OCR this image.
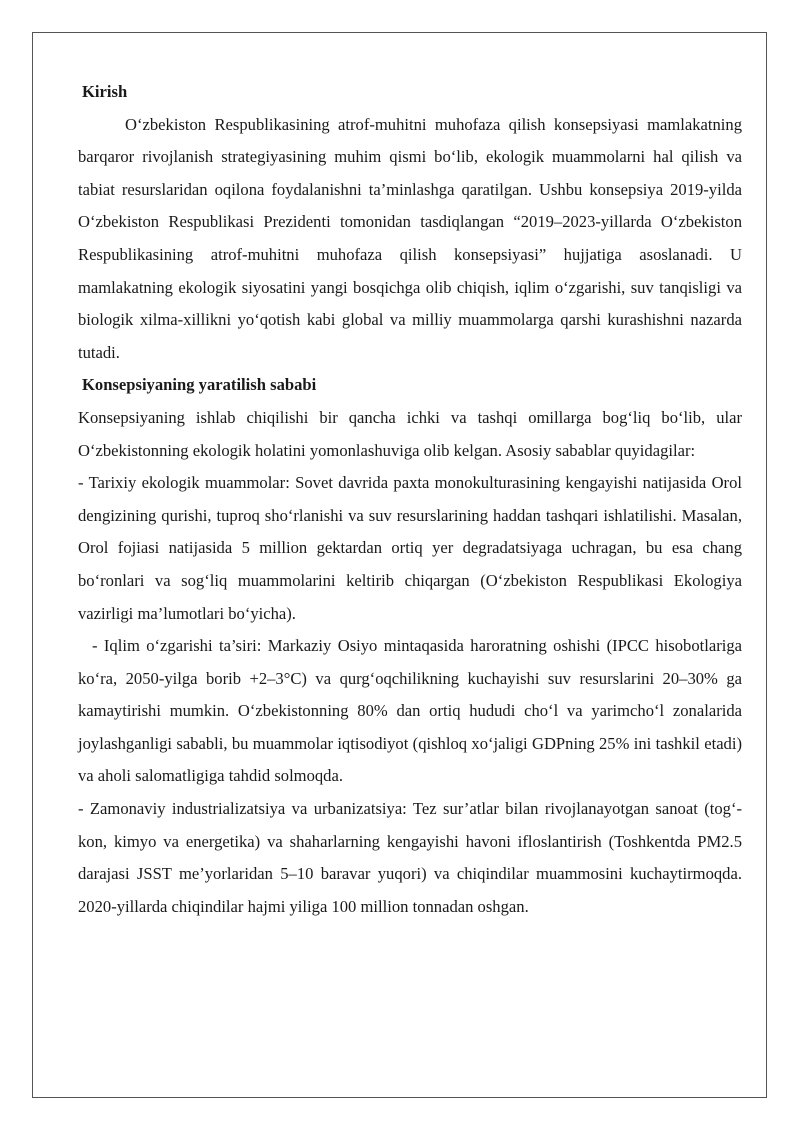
Kirish

O‘zbekiston Respublikasining atrof-muhitni muhofaza qilish konsepsiyasi mamlakatning barqaror rivojlanish strategiyasining muhim qismi bo‘lib, ekologik muammolarni hal qilish va tabiat resurslaridan oqilona foydalanishni ta’minlashga qaratilgan. Ushbu konsepsiya 2019-yilda O‘zbekiston Respublikasi Prezidenti tomonidan tasdiqlangan “2019–2023-yillarda O‘zbekiston Respublikasining atrof-muhitni muhofaza qilish konsepsiyasi” hujjatiga asoslanadi. U mamlakatning ekologik siyosatini yangi bosqichga olib chiqish, iqlim o‘zgarishi, suv tanqisligi va biologik xilma-xillikni yo‘qotish kabi global va milliy muammolarga qarshi kurashishni nazarda tutadi.

Konsepsiyaning yaratilish sababi

Konsepsiyaning ishlab chiqilishi bir qancha ichki va tashqi omillarga bog‘liq bo‘lib, ular O‘zbekistonning ekologik holatini yomonlashuviga olib kelgan. Asosiy sabablar quyidagilar:

- Tarixiy ekologik muammolar: Sovet davrida paxta monokulturasining kengayishi natijasida Orol dengizining qurishi, tuproq sho‘rlanishi va suv resurslarining haddan tashqari ishlatilishi. Masalan, Orol fojiasi natijasida 5 million gektardan ortiq yer degradatsiyaga uchragan, bu esa chang bo‘ronlari va sog‘liq muammolarini keltirib chiqargan (O‘zbekiston Respublikasi Ekologiya vazirligi ma’lumotlari bo‘yicha).

- Iqlim o‘zgarishi ta’siri: Markaziy Osiyo mintaqasida haroratning oshishi (IPCC hisobotlariga ko‘ra, 2050-yilga borib +2–3°C) va qurg‘oqchilikning kuchayishi suv resurslarini 20–30% ga kamaytirishi mumkin. O‘zbekistonning 80% dan ortiq hududi cho‘l va yarimcho‘l zonalarida joylashganligi sababli, bu muammolar iqtisodiyot (qishloq xo‘jaligi GDPning 25% ini tashkil etadi) va aholi salomatligiga tahdid solmoqda.

- Zamonaviy industrializatsiya va urbanizatsiya: Tez sur’atlar bilan rivojlanayotgan sanoat (tog‘-kon, kimyo va energetika) va shaharlarning kengayishi havoni ifloslantirish (Toshkentda PM2.5 darajasi JSST me’yorlaridan 5–10 baravar yuqori) va chiqindilar muammosini kuchaytirmoqda. 2020-yillarda chiqindilar hajmi yiliga 100 million tonnadan oshgan.
